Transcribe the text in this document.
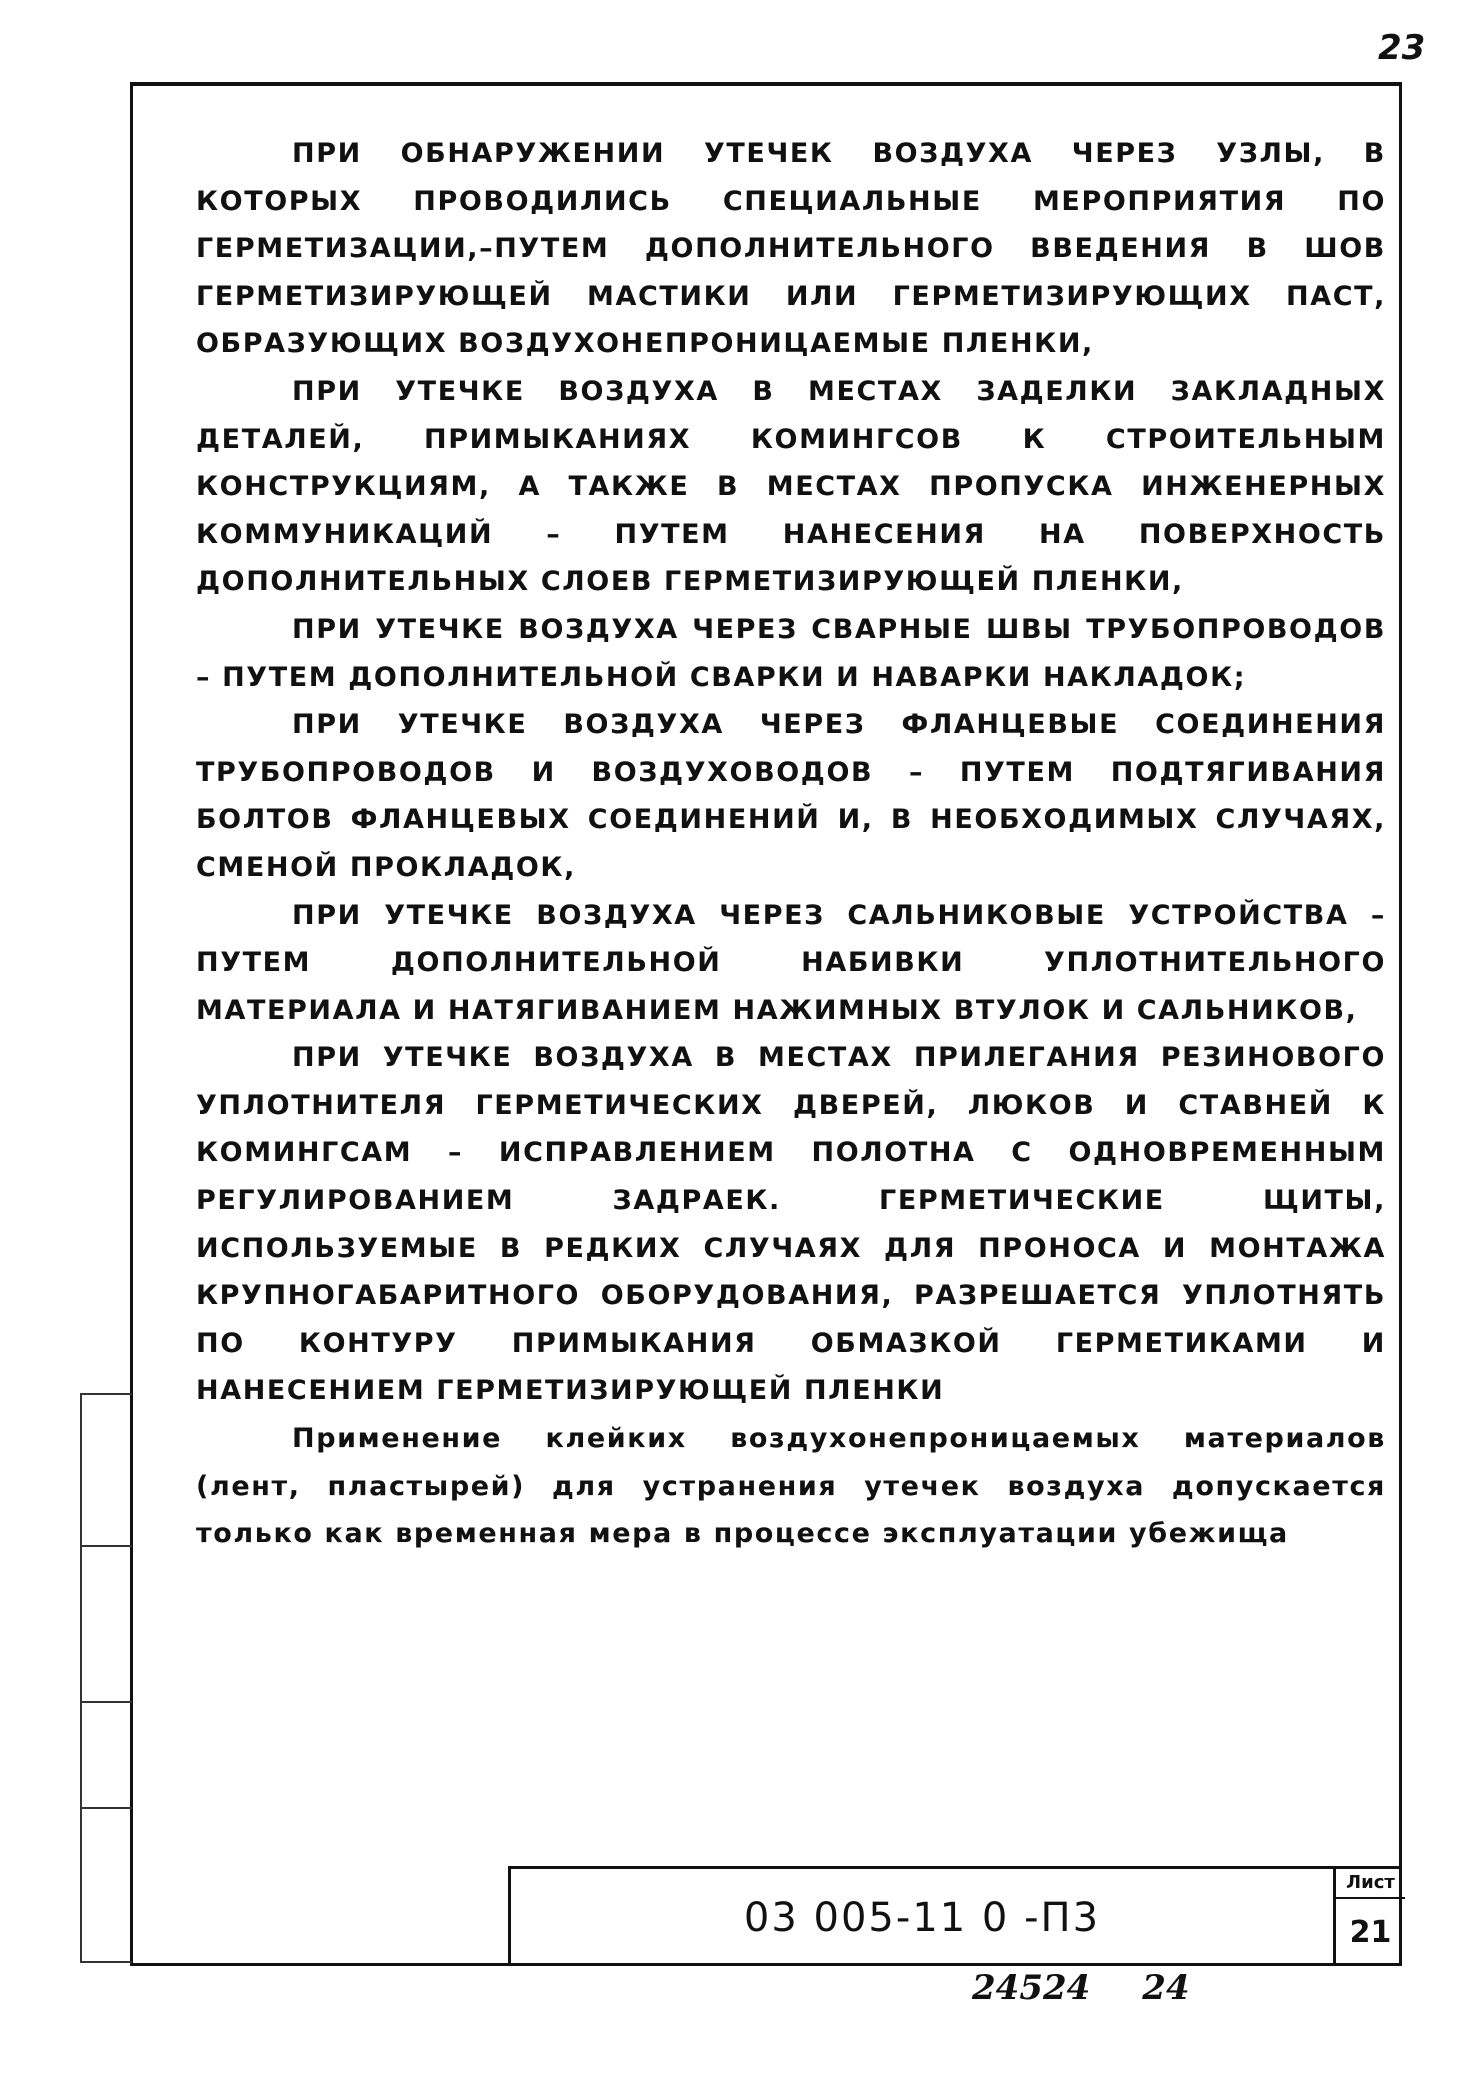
23

ПРИ ОБНАРУЖЕНИИ УТЕЧЕК ВОЗДУХА ЧЕРЕЗ УЗЛЫ, В КОТОРЫХ ПРОВОДИЛИСЬ СПЕЦИАЛЬНЫЕ МЕРОПРИЯТИЯ ПО ГЕРМЕТИЗАЦИИ,–ПУТЕМ ДОПОЛНИТЕЛЬНОГО ВВЕДЕНИЯ В ШОВ ГЕРМЕТИЗИРУЮЩЕЙ МАСТИКИ ИЛИ ГЕРМЕТИЗИРУЮЩИХ ПАСТ, ОБРАЗУЮЩИХ ВОЗДУХОНЕПРОНИЦАЕМЫЕ ПЛЕНКИ,

ПРИ УТЕЧКЕ ВОЗДУХА В МЕСТАХ ЗАДЕЛКИ ЗАКЛАДНЫХ ДЕТАЛЕЙ, ПРИМЫКАНИЯХ КОМИНГСОВ К СТРОИТЕЛЬНЫМ КОНСТРУКЦИЯМ, А ТАКЖЕ В МЕСТАХ ПРОПУСКА ИНЖЕНЕРНЫХ КОММУНИКАЦИЙ – ПУТЕМ НАНЕСЕНИЯ НА ПОВЕРХНОСТЬ ДОПОЛНИТЕЛЬНЫХ СЛОЕВ ГЕРМЕТИЗИРУЮЩЕЙ ПЛЕНКИ,

ПРИ УТЕЧКЕ ВОЗДУХА ЧЕРЕЗ СВАРНЫЕ ШВЫ ТРУБОПРОВОДОВ – ПУТЕМ ДОПОЛНИТЕЛЬНОЙ СВАРКИ И НАВАРКИ НАКЛАДОК;

ПРИ УТЕЧКЕ ВОЗДУХА ЧЕРЕЗ ФЛАНЦЕВЫЕ СОЕДИНЕНИЯ ТРУБОПРОВОДОВ И ВОЗДУХОВОДОВ – ПУТЕМ ПОДТЯГИВАНИЯ БОЛТОВ ФЛАНЦЕВЫХ СОЕДИНЕНИЙ И, В НЕОБХОДИМЫХ СЛУЧАЯХ, СМЕНОЙ ПРОКЛАДОК,

ПРИ УТЕЧКЕ ВОЗДУХА ЧЕРЕЗ САЛЬНИКОВЫЕ УСТРОЙСТВА – ПУТЕМ ДОПОЛНИТЕЛЬНОЙ НАБИВКИ УПЛОТНИТЕЛЬНОГО МАТЕРИАЛА И НАТЯГИВАНИЕМ НАЖИМНЫХ ВТУЛОК И САЛЬНИКОВ,

ПРИ УТЕЧКЕ ВОЗДУХА В МЕСТАХ ПРИЛЕГАНИЯ РЕЗИНОВОГО УПЛОТНИТЕЛЯ ГЕРМЕТИЧЕСКИХ ДВЕРЕЙ, ЛЮКОВ И СТАВНЕЙ К КОМИНГСАМ – ИСПРАВЛЕНИЕМ ПОЛОТНА С ОДНОВРЕМЕННЫМ РЕГУЛИРОВАНИЕМ ЗАДРАЕК. ГЕРМЕТИЧЕСКИЕ ЩИТЫ, ИСПОЛЬЗУЕМЫЕ В РЕДКИХ СЛУЧАЯХ ДЛЯ ПРОНОСА И МОНТАЖА КРУПНОГАБАРИТНОГО ОБОРУДОВАНИЯ, РАЗРЕШАЕТСЯ УПЛОТНЯТЬ ПО КОНТУРУ ПРИМЫКАНИЯ ОБМАЗКОЙ ГЕРМЕТИКАМИ И НАНЕСЕНИЕМ ГЕРМЕТИЗИРУЮЩЕЙ ПЛЕНКИ

Применение клейких воздухонепроницаемых материалов (лент, пластырей) для устранения утечек воздуха допускается только как временная мера в процессе эксплуатации убежища

03 005-11 0 -П3
Лист
21
24524 24
